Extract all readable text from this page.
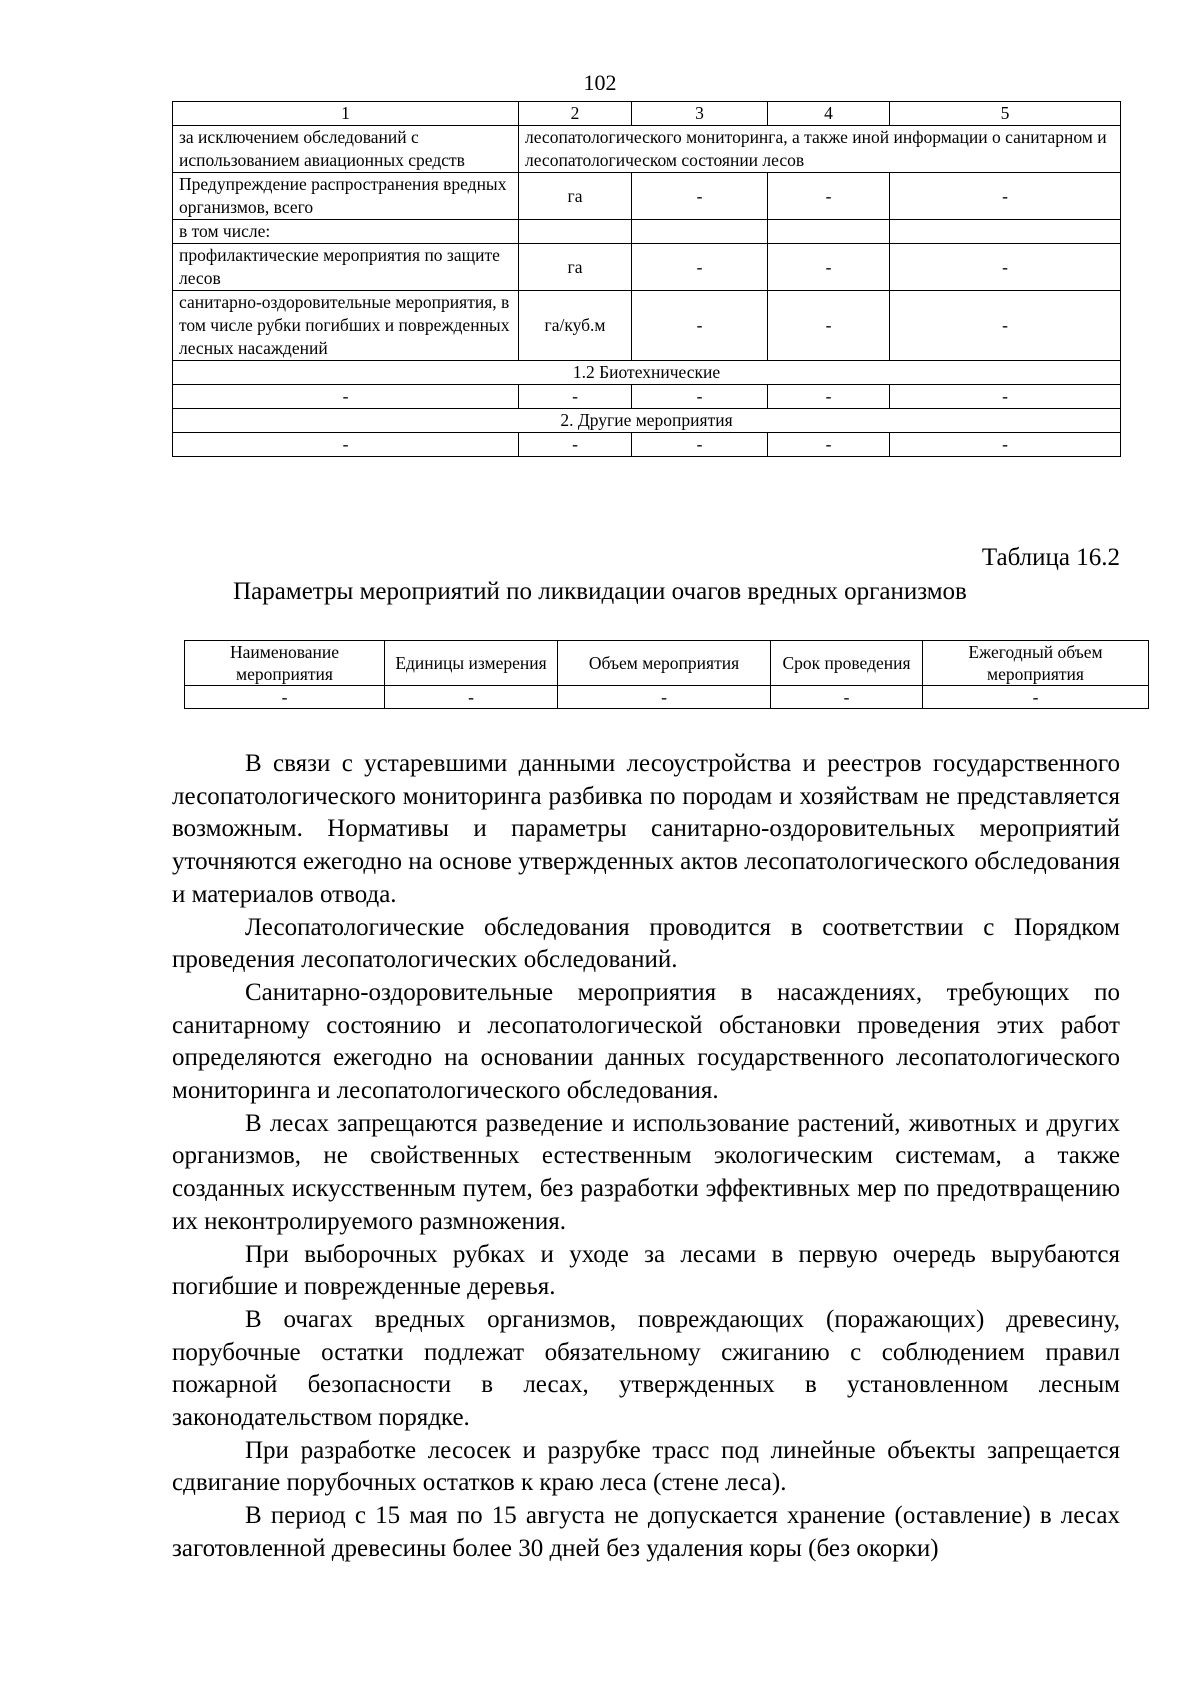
102
1	2	3	4	5
за исключением обследований с использованием авиационных средств	лесопатологического мониторинга, а также иной информации о санитарном и лесопатологическом состоянии лесов			
Предупреждение распространения вредных организмов, всего	га	-	-	-
в том числе:				
профилактические мероприятия по защите лесов	га	-	-	-
санитарно-оздоровительные мероприятия, в том числе рубки погибших и поврежденных лесных насаждений	га/куб.м	-	-	-
1.2 Биотехнические				
-	-	-	-	-
2. Другие мероприятия				
-	-	-	-	-
Таблица 16.2
Параметры мероприятий по ликвидации очагов вредных организмов
Наименование мероприятия	Единицы измерения	Объем мероприятия	Срок проведения	Ежегодный объем мероприятия
-	-	-	-	-

В связи с устаревшими данными лесоустройства и реестров государственного лесопатологического мониторинга разбивка по породам и хозяйствам не представляется возможным. Нормативы и параметры санитарно-оздоровительных мероприятий уточняются ежегодно на основе утвержденных актов лесопатологического обследования и материалов отвода.

Лесопатологические обследования проводится в соответствии с Порядком проведения лесопатологических обследований.

Санитарно-оздоровительные мероприятия в насаждениях, требующих по санитарному состоянию и лесопатологической обстановки проведения этих работ определяются ежегодно на основании данных государственного лесопатологического мониторинга и лесопатологического обследования.

В лесах запрещаются разведение и использование растений, животных и других организмов, не свойственных естественным экологическим системам, а также созданных искусственным путем, без разработки эффективных мер по предотвращению их неконтролируемого размножения.

При выборочных рубках и уходе за лесами в первую очередь вырубаются погибшие и поврежденные деревья.

В очагах вредных организмов, повреждающих (поражающих) древесину, порубочные остатки подлежат обязательному сжиганию с соблюдением правил пожарной безопасности в лесах, утвержденных в установленном лесным законодательством порядке.

При разработке лесосек и разрубке трасс под линейные объекты запрещается сдвигание порубочных остатков к краю леса (стене леса).

В период с 15 мая по 15 августа не допускается хранение (оставление) в лесах заготовленной древесины более 30 дней без удаления коры (без окорки)
